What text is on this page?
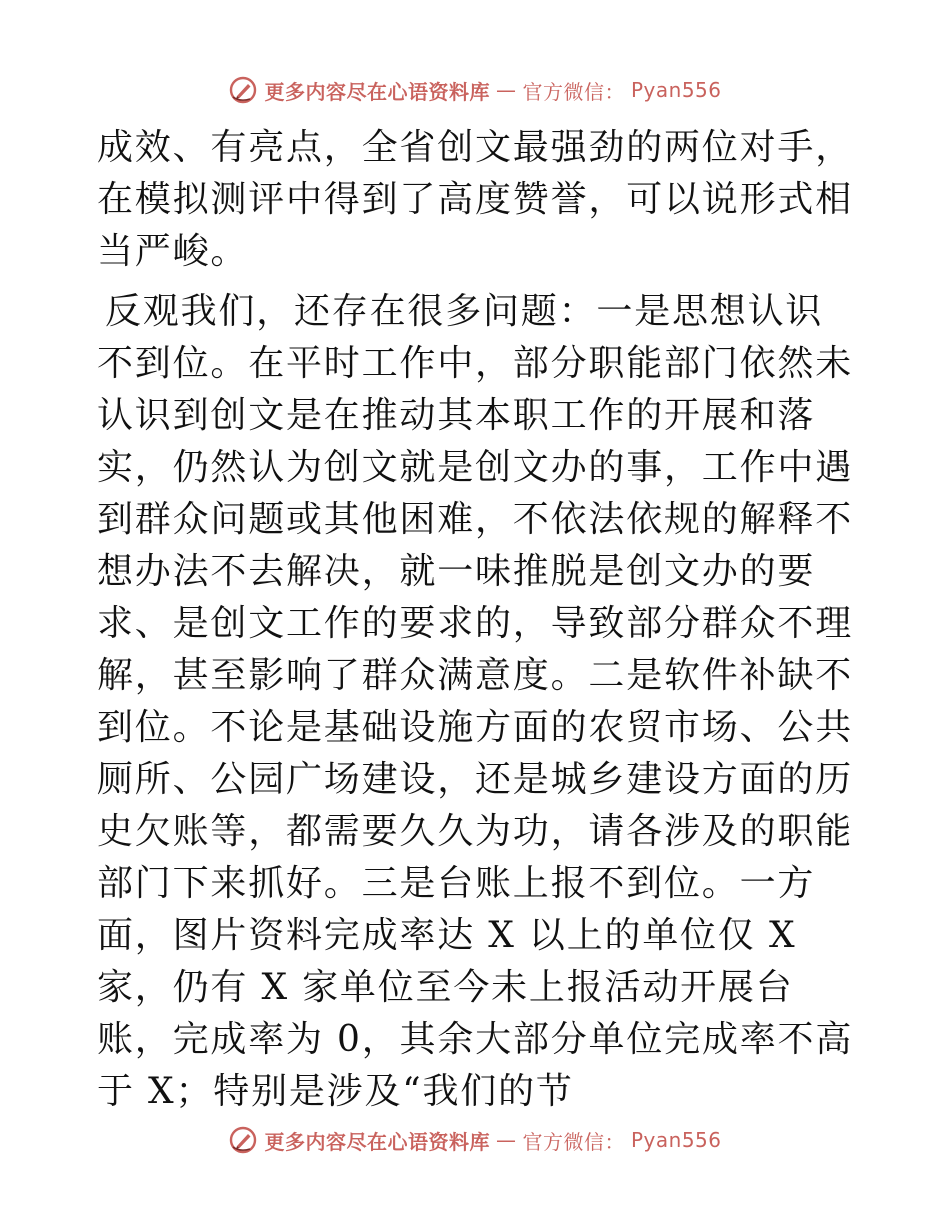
更多内容尽在心语资料库 — 官方微信： Pyan556

成效、有亮点，全省创文最强劲的两位对手，在模拟测评中得到了高度赞誉，可以说形式相当严峻。

反观我们，还存在很多问题：一是思想认识不到位。在平时工作中，部分职能部门依然未认识到创文是在推动其本职工作的开展和落实，仍然认为创文就是创文办的事，工作中遇到群众问题或其他困难，不依法依规的解释不想办法不去解决，就一味推脱是创文办的要求、是创文工作的要求的，导致部分群众不理解，甚至影响了群众满意度。二是软件补缺不到位。不论是基础设施方面的农贸市场、公共厕所、公园广场建设，还是城乡建设方面的历史欠账等，都需要久久为功，请各涉及的职能部门下来抓好。三是台账上报不到位。一方面，图片资料完成率达 X 以上的单位仅 X 家，仍有 X 家单位至今未上报活动开展台账，完成率为 0，其余大部分单位完成率不高于 X；特别是涉及“我们的节

更多内容尽在心语资料库 — 官方微信： Pyan556
